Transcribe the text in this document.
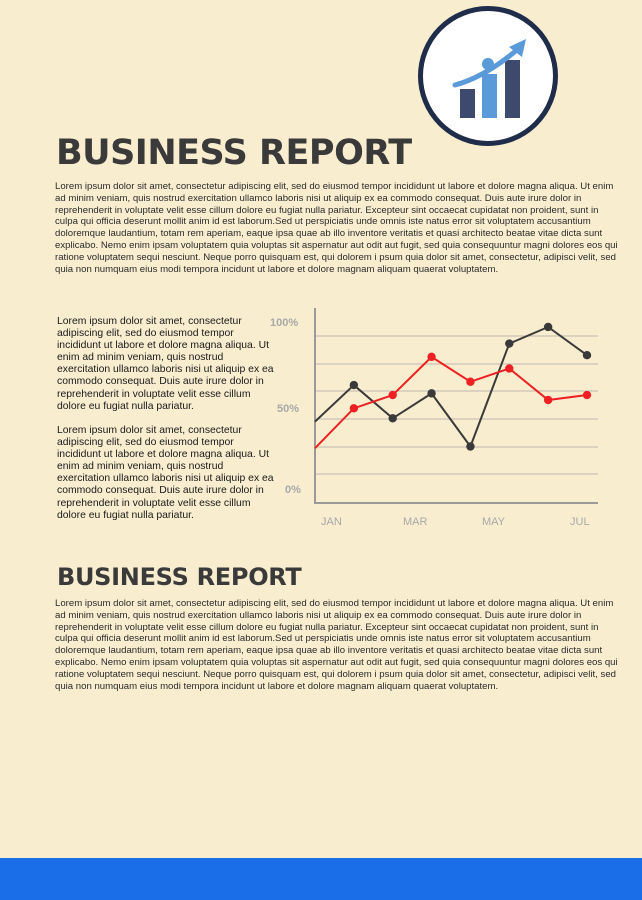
BUSINESS REPORT

Lorem ipsum dolor sit amet, consectetur adipiscing elit, sed do eiusmod tempor incididunt ut labore et dolore magna aliqua. Ut enim ad minim veniam, quis nostrud exercitation ullamco laboris nisi ut aliquip ex ea commodo consequat. Duis aute irure dolor in reprehenderit in voluptate velit esse cillum dolore eu fugiat nulla pariatur. Excepteur sint occaecat cupidatat non proident, sunt in culpa qui officia deserunt mollit anim id est laborum.Sed ut perspiciatis unde omnis iste natus error sit voluptatem accusantium doloremque laudantium, totam rem aperiam, eaque ipsa quae ab illo inventore veritatis et quasi architecto beatae vitae dicta sunt explicabo. Nemo enim ipsam voluptatem quia voluptas sit aspernatur aut odit aut fugit, sed quia consequuntur magni dolores eos qui ratione voluptatem sequi nesciunt. Neque porro quisquam est, qui dolorem i psum quia dolor sit amet, consectetur, adipisci velit, sed quia non numquam eius modi tempora incidunt ut labore et dolore magnam aliquam quaerat voluptatem.

Lorem ipsum dolor sit amet, consectetur adipiscing elit, sed do eiusmod tempor incididunt ut labore et dolore magna aliqua. Ut enim ad minim veniam, quis nostrud exercitation ullamco laboris nisi ut aliquip ex ea commodo consequat. Duis aute irure dolor in reprehenderit in voluptate velit esse cillum dolore eu fugiat nulla pariatur.

Lorem ipsum dolor sit amet, consectetur adipiscing elit, sed do eiusmod tempor incididunt ut labore et dolore magna aliqua. Ut enim ad minim veniam, quis nostrud exercitation ullamco laboris nisi ut aliquip ex ea commodo consequat. Duis aute irure dolor in reprehenderit in voluptate velit esse cillum dolore eu fugiat nulla pariatur.

100%
50%
0%
JAN	MAR	MAY	JUL
BUSINESS REPORT

Lorem ipsum dolor sit amet, consectetur adipiscing elit, sed do eiusmod tempor incididunt ut labore et dolore magna aliqua. Ut enim ad minim veniam, quis nostrud exercitation ullamco laboris nisi ut aliquip ex ea commodo consequat. Duis aute irure dolor in reprehenderit in voluptate velit esse cillum dolore eu fugiat nulla pariatur. Excepteur sint occaecat cupidatat non proident, sunt in culpa qui officia deserunt mollit anim id est laborum.Sed ut perspiciatis unde omnis iste natus error sit voluptatem accusantium doloremque laudantium, totam rem aperiam, eaque ipsa quae ab illo inventore veritatis et quasi architecto beatae vitae dicta sunt explicabo. Nemo enim ipsam voluptatem quia voluptas sit aspernatur aut odit aut fugit, sed quia consequuntur magni dolores eos qui ratione voluptatem sequi nesciunt. Neque porro quisquam est, qui dolorem i psum quia dolor sit amet, consectetur, adipisci velit, sed quia non numquam eius modi tempora incidunt ut labore et dolore magnam aliquam quaerat voluptatem.
